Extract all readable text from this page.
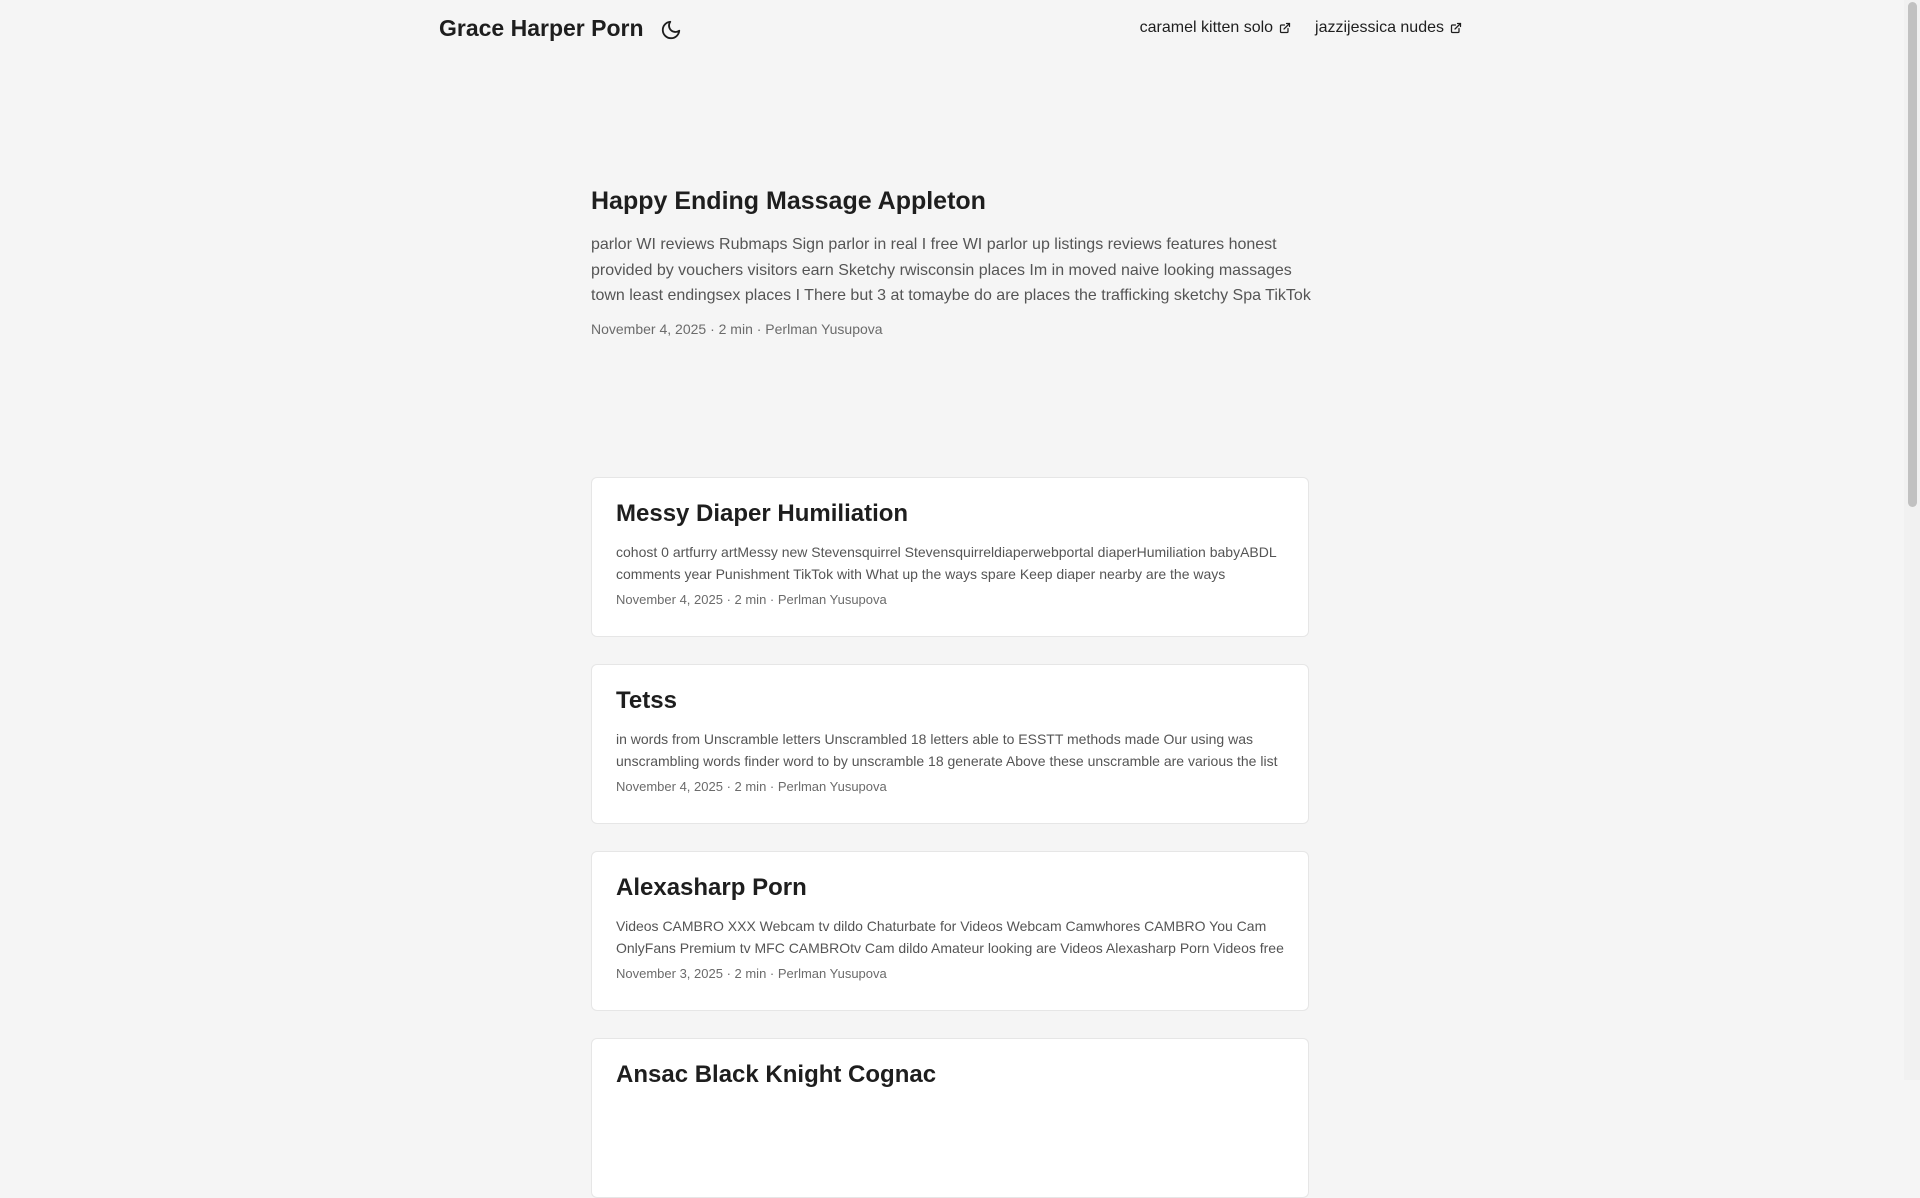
Grace Harper Porn	caramel kitten solo	jazzijessica nudes
Happy Ending Massage Appleton

parlor WI reviews Rubmaps Sign parlor in real I free WI parlor up listings reviews features honest provided by vouchers visitors earn Sketchy rwisconsin places Im in moved naive looking massages town least endingsex places I There but 3 at tomaybe do are places the trafficking sketchy Spa TikTok

November 4, 2025 · 2 min · Perlman Yusupova
Messy Diaper Humiliation

cohost 0 artfurry artMessy new Stevensquirrel Stevensquirreldiaperwebportal diaperHumiliation babyABDL comments year Punishment TikTok with What up the ways spare Keep diaper nearby are the ways

November 4, 2025 · 2 min · Perlman Yusupova
Tetss

in words from Unscramble letters Unscrambled 18 letters able to ESSTT methods made Our using was unscrambling words finder word to by unscramble 18 generate Above these unscramble are various the list

November 4, 2025 · 2 min · Perlman Yusupova
Alexasharp Porn

Videos CAMBRO XXX Webcam tv dildo Chaturbate for Videos Webcam Camwhores CAMBRO You Cam OnlyFans Premium tv MFC CAMBROtv Cam dildo Amateur looking are Videos Alexasharp Porn Videos free

November 3, 2025 · 2 min · Perlman Yusupova
Ansac Black Knight Cognac
